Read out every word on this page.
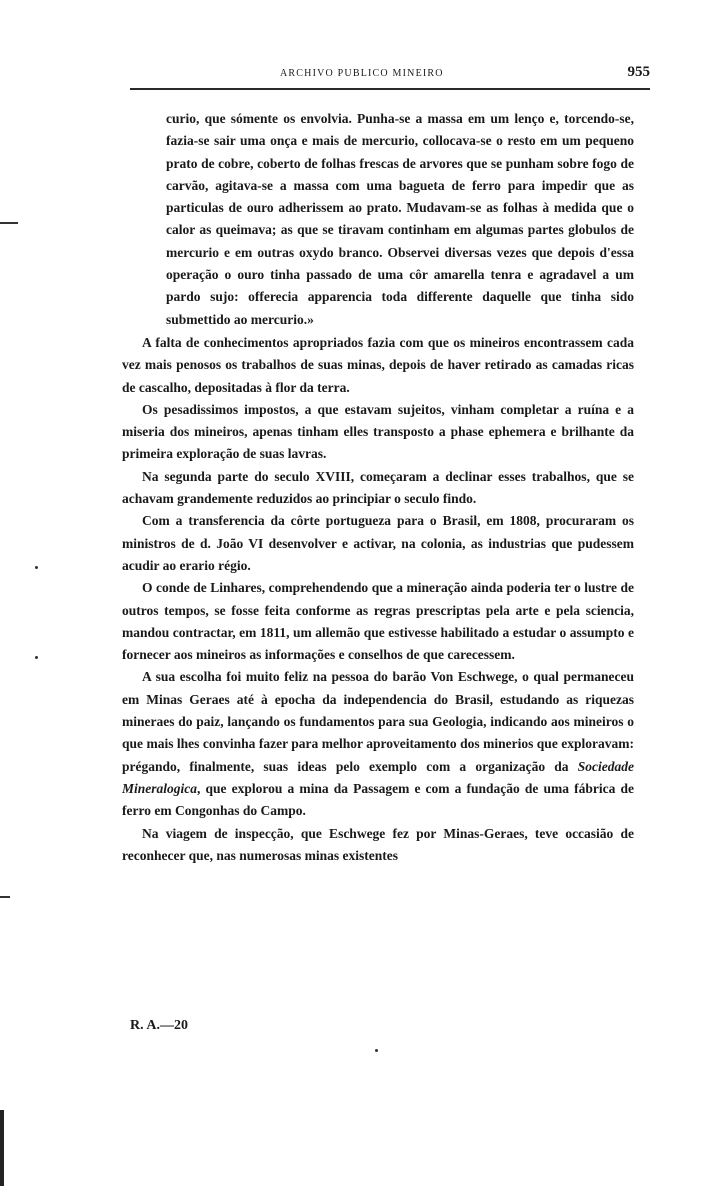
ARCHIVO PUBLICO MINEIRO	955

curio, que sómente os envolvia. Punha-se a massa em um lenço e, torcendo-se, fazia-se sair uma onça e mais de mercurio, collocava-se o resto em um pequeno prato de cobre, coberto de folhas frescas de arvores que se punham sobre fogo de carvão, agitava-se a massa com uma bagueta de ferro para impedir que as particulas de ouro adherissem ao prato. Mudavam-se as folhas à medida que o calor as queimava; as que se tiravam continham em algumas partes globulos de mercurio e em outras oxydo branco. Observei diversas vezes que depois d'essa operação o ouro tinha passado de uma côr amarella tenra e agradavel a um pardo sujo: offerecia apparencia toda differente daquelle que tinha sido submettido ao mercurio.»

A falta de conhecimentos apropriados fazia com que os mineiros encontrassem cada vez mais penosos os trabalhos de suas minas, depois de haver retirado as camadas ricas de cascalho, depositadas à flor da terra.

Os pesadissimos impostos, a que estavam sujeitos, vinham completar a ruína e a miseria dos mineiros, apenas tinham elles transposto a phase ephemera e brilhante da primeira exploração de suas lavras.

Na segunda parte do seculo XVIII, começaram a declinar esses trabalhos, que se achavam grandemente reduzidos ao principiar o seculo findo.

Com a transferencia da côrte portugueza para o Brasil, em 1808, procuraram os ministros de d. João VI desenvolver e activar, na colonia, as industrias que pudessem acudir ao erario régio.

O conde de Linhares, comprehendendo que a mineração ainda poderia ter o lustre de outros tempos, se fosse feita conforme as regras prescriptas pela arte e pela sciencia, mandou contractar, em 1811, um allemão que estivesse habilitado a estudar o assumpto e fornecer aos mineiros as informações e conselhos de que carecessem.

A sua escolha foi muito feliz na pessoa do barão Von Eschwege, o qual permaneceu em Minas Geraes até à epocha da independencia do Brasil, estudando as riquezas mineraes do paiz, lançando os fundamentos para sua Geologia, indicando aos mineiros o que mais lhes convinha fazer para melhor aproveitamento dos minerios que exploravam: prégando, finalmente, suas ideas pelo exemplo com a organização da Sociedade Mineralogica, que explorou a mina da Passagem e com a fundação de uma fábrica de ferro em Congonhas do Campo.

Na viagem de inspecção, que Eschwege fez por Minas-Geraes, teve occasião de reconhecer que, nas numerosas minas existentes

R. A.—20
